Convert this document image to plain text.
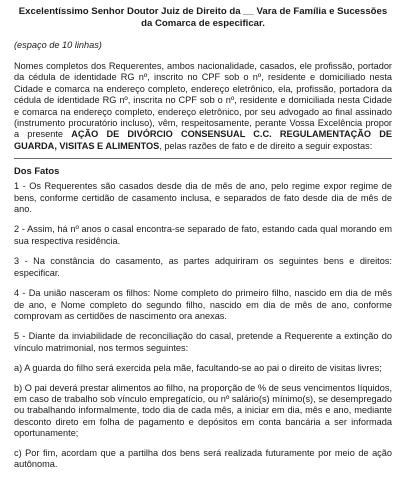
Excelentíssimo Senhor Doutor Juiz de Direito da __ Vara de Família e Sucessões da Comarca de especificar.
(espaço de 10 linhas)

Nomes completos dos Requerentes, ambos nacionalidade, casados, ele profissão, portador da cédula de identidade RG nº, inscrito no CPF sob o nº, residente e domiciliado nesta Cidade e comarca na endereço completo, endereço eletrônico, ela, profissão, portadora da cédula de identidade RG nº, inscrita no CPF sob o nº, residente e domiciliada nesta Cidade e comarca na endereço completo, endereço eletrônico, por seu advogado ao final assinado (instrumento procuratório incluso), vêm, respeitosamente, perante Vossa Excelência propor a presente AÇÃO DE DIVÓRCIO CONSENSUAL C.C. REGULAMENTAÇÃO DE GUARDA, VISITAS E ALIMENTOS, pelas razões de fato e de direito a seguir expostas:

Dos Fatos

1 - Os Requerentes são casados desde dia de mês de ano, pelo regime expor regime de bens, conforme certidão de casamento inclusa, e separados de fato desde dia de mês de ano.

2 - Assim, há nº anos o casal encontra-se separado de fato, estando cada qual morando em sua respectiva residência.

3 - Na constância do casamento, as partes adquiriram os seguintes bens e direitos: especificar.

4 - Da união nasceram os filhos: Nome completo do primeiro filho, nascido em dia de mês de ano, e Nome completo do segundo filho, nascido em dia de mês de ano, conforme comprovam as certidões de nascimento ora anexas.

5 - Diante da inviabilidade de reconciliação do casal, pretende a Requerente a extinção do vínculo matrimonial, nos termos seguintes:

a) A guarda do filho será exercida pela mãe, facultando-se ao pai o direito de visitas livres;

b) O pai deverá prestar alimentos ao filho, na proporção de % de seus vencimentos líquidos, em caso de trabalho sob vínculo empregatício, ou nº salário(s) mínimo(s), se desempregado ou trabalhando informalmente, todo dia de cada mês, a iniciar em dia, mês e ano, mediante desconto direto em folha de pagamento e depósitos em conta bancária a ser informada oportunamente;

c) Por fim, acordam que a partilha dos bens será realizada futuramente por meio de ação autônoma.
